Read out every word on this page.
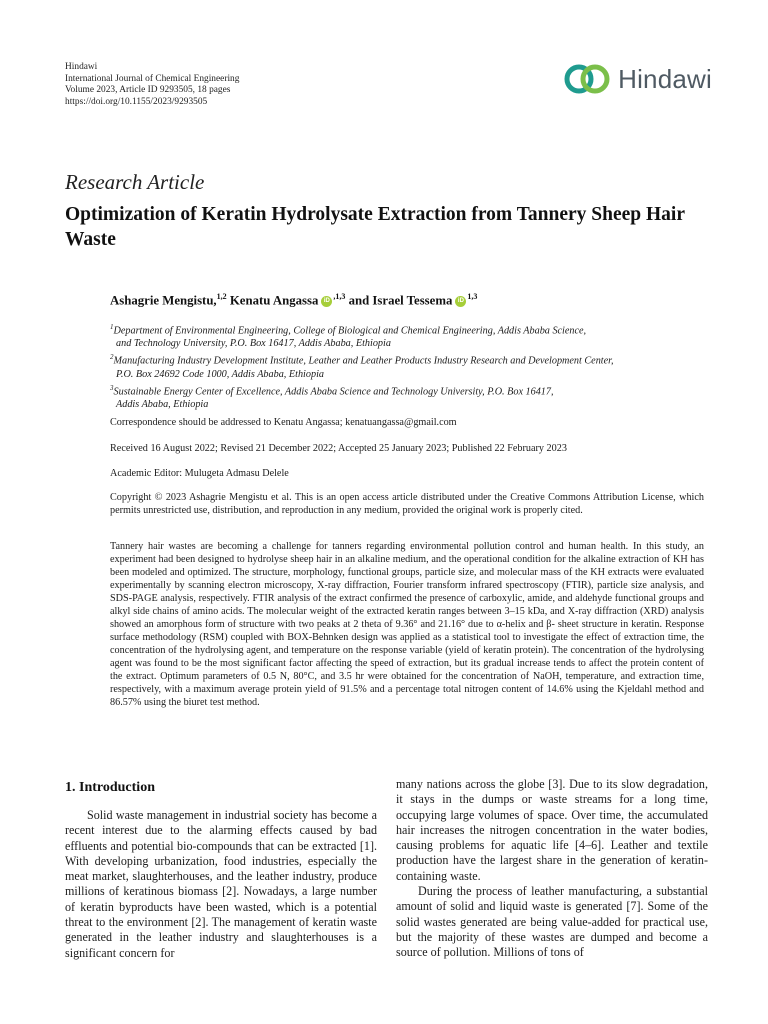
Hindawi
International Journal of Chemical Engineering
Volume 2023, Article ID 9293505, 18 pages
https://doi.org/10.1155/2023/9293505
Hindawi
Research Article
Optimization of Keratin Hydrolysate Extraction from Tannery Sheep Hair Waste
Ashagrie Mengistu,$^{1,2}$ Kenatu Angassa iD $^{,1,3}$ and Israel Tessema iD $^{1,3}$
$^1$Department of Environmental Engineering, College of Biological and Chemical Engineering, Addis Ababa Science,
and Technology University, P.O. Box 16417, Addis Ababa, Ethiopia
$^2$Manufacturing Industry Development Institute, Leather and Leather Products Industry Research and Development Center,
P.O. Box 24692 Code 1000, Addis Ababa, Ethiopia
$^3$Sustainable Energy Center of Excellence, Addis Ababa Science and Technology University, P.O. Box 16417,
Addis Ababa, Ethiopia
Correspondence should be addressed to Kenatu Angassa; kenatuangassa@gmail.com
Received 16 August 2022; Revised 21 December 2022; Accepted 25 January 2023; Published 22 February 2023
Academic Editor: Mulugeta Admasu Delele
Copyright © 2023 Ashagrie Mengistu et al. This is an open access article distributed under the Creative Commons Attribution License, which permits unrestricted use, distribution, and reproduction in any medium, provided the original work is properly cited.

Tannery hair wastes are becoming a challenge for tanners regarding environmental pollution control and human health. In this study, an experiment had been designed to hydrolyse sheep hair in an alkaline medium, and the operational condition for the alkaline extraction of KH has been modeled and optimized. The structure, morphology, functional groups, particle size, and molecular mass of the KH extracts were evaluated experimentally by scanning electron microscopy, X-ray diffraction, Fourier transform infrared spectroscopy (FTIR), particle size analysis, and SDS-PAGE analysis, respectively. FTIR analysis of the extract confirmed the presence of carboxylic, amide, and aldehyde functional groups and alkyl side chains of amino acids. The molecular weight of the extracted keratin ranges between 3–15 kDa, and X-ray diffraction (XRD) analysis showed an amorphous form of structure with two peaks at 2 theta of 9.36° and 21.16° due to α-helix and β- sheet structure in keratin. Response surface methodology (RSM) coupled with BOX-Behnken design was applied as a statistical tool to investigate the effect of extraction time, the concentration of the hydrolysing agent, and temperature on the response variable (yield of keratin protein). The concentration of the hydrolysing agent was found to be the most significant factor affecting the speed of extraction, but its gradual increase tends to affect the protein content of the extract. Optimum parameters of 0.5 N, 80°C, and 3.5 hr were obtained for the concentration of NaOH, temperature, and extraction time, respectively, with a maximum average protein yield of 91.5% and a percentage total nitrogen content of 14.6% using the Kjeldahl method and 86.57% using the biuret test method.

1. Introduction

Solid waste management in industrial society has become a recent interest due to the alarming effects caused by bad effluents and potential bio-compounds that can be extracted [1]. With developing urbanization, food industries, especially the meat market, slaughterhouses, and the leather industry, produce millions of keratinous biomass [2]. Nowadays, a large number of keratin byproducts have been wasted, which is a potential threat to the environment [2]. The management of keratin waste generated in the leather industry and slaughterhouses is a significant concern for

many nations across the globe [3]. Due to its slow degradation, it stays in the dumps or waste streams for a long time, occupying large volumes of space. Over time, the accumulated hair increases the nitrogen concentration in the water bodies, causing problems for aquatic life [4–6]. Leather and textile production have the largest share in the generation of keratin-containing waste.

During the process of leather manufacturing, a substantial amount of solid and liquid waste is generated [7]. Some of the solid wastes generated are being value-added for practical use, but the majority of these wastes are dumped and become a source of pollution. Millions of tons of
